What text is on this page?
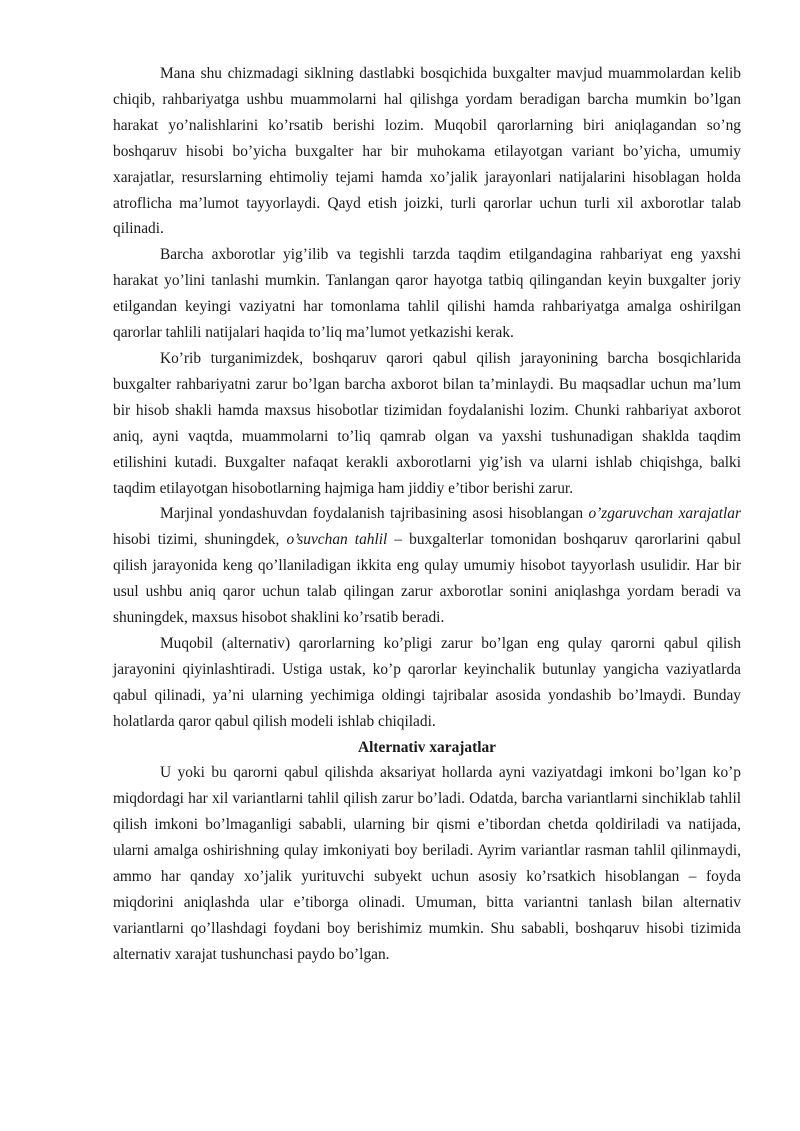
Mana shu chizmadagi siklning dastlabki bosqichida buxgalter mavjud muammolardan kelib chiqib, rahbariyatga ushbu muammolarni hal qilishga yordam beradigan barcha mumkin bo’lgan harakat yo’nalishlarini ko’rsatib berishi lozim. Muqobil qarorlarning biri aniqlagandan so’ng boshqaruv hisobi bo’yicha buxgalter har bir muhokama etilayotgan variant bo’yicha, umumiy xarajatlar, resurslarning ehtimoliy tejami hamda xo’jalik jarayonlari natijalarini hisoblagan holda atroflicha ma’lumot tayyorlaydi. Qayd etish joizki, turli qarorlar uchun turli xil axborotlar talab qilinadi.

Barcha axborotlar yig’ilib va tegishli tarzda taqdim etilgandagina rahbariyat eng yaxshi harakat yo’lini tanlashi mumkin. Tanlangan qaror hayotga tatbiq qilingandan keyin buxgalter joriy etilgandan keyingi vaziyatni har tomonlama tahlil qilishi hamda rahbariyatga amalga oshirilgan qarorlar tahlili natijalari haqida to’liq ma’lumot yetkazishi kerak.

Ko’rib turganimizdek, boshqaruv qarori qabul qilish jarayonining barcha bosqichlarida buxgalter rahbariyatni zarur bo’lgan barcha axborot bilan ta’minlaydi. Bu maqsadlar uchun ma’lum bir hisob shakli hamda maxsus hisobotlar tizimidan foydalanishi lozim. Chunki rahbariyat axborot aniq, ayni vaqtda, muammolarni to’liq qamrab olgan va yaxshi tushunadigan shaklda taqdim etilishini kutadi. Buxgalter nafaqat kerakli axborotlarni yig’ish va ularni ishlab chiqishga, balki taqdim etilayotgan hisobotlarning hajmiga ham jiddiy e’tibor berishi zarur.

Marjinal yondashuvdan foydalanish tajribasining asosi hisoblangan o’zgaruvchan xarajatlar hisobi tizimi, shuningdek, o’suvchan tahlil – buxgalterlar tomonidan boshqaruv qarorlarini qabul qilish jarayonida keng qo’llaniladigan ikkita eng qulay umumiy hisobot tayyorlash usulidir. Har bir usul ushbu aniq qaror uchun talab qilingan zarur axborotlar sonini aniqlashga yordam beradi va shuningdek, maxsus hisobot shaklini ko’rsatib beradi.

Muqobil (alternativ) qarorlarning ko’pligi zarur bo’lgan eng qulay qarorni qabul qilish jarayonini qiyinlashtiradi. Ustiga ustak, ko’p qarorlar keyinchalik butunlay yangicha vaziyatlarda qabul qilinadi, ya’ni ularning yechimiga oldingi tajribalar asosida yondashib bo’lmaydi. Bunday holatlarda qaror qabul qilish modeli ishlab chiqiladi.

Alternativ xarajatlar

U yoki bu qarorni qabul qilishda aksariyat hollarda ayni vaziyatdagi imkoni bo’lgan ko’p miqdordagi har xil variantlarni tahlil qilish zarur bo’ladi. Odatda, barcha variantlarni sinchiklab tahlil qilish imkoni bo’lmaganligi sababli, ularning bir qismi e’tibordan chetda qoldiriladi va natijada, ularni amalga oshirishning qulay imkoniyati boy beriladi. Ayrim variantlar rasman tahlil qilinmaydi, ammo har qanday xo’jalik yurituvchi subyekt uchun asosiy ko’rsatkich hisoblangan – foyda miqdorini aniqlashda ular e’tiborga olinadi. Umuman, bitta variantni tanlash bilan alternativ variantlarni qo’llashdagi foydani boy berishimiz mumkin. Shu sababli, boshqaruv hisobi tizimida alternativ xarajat tushunchasi paydo bo’lgan.
